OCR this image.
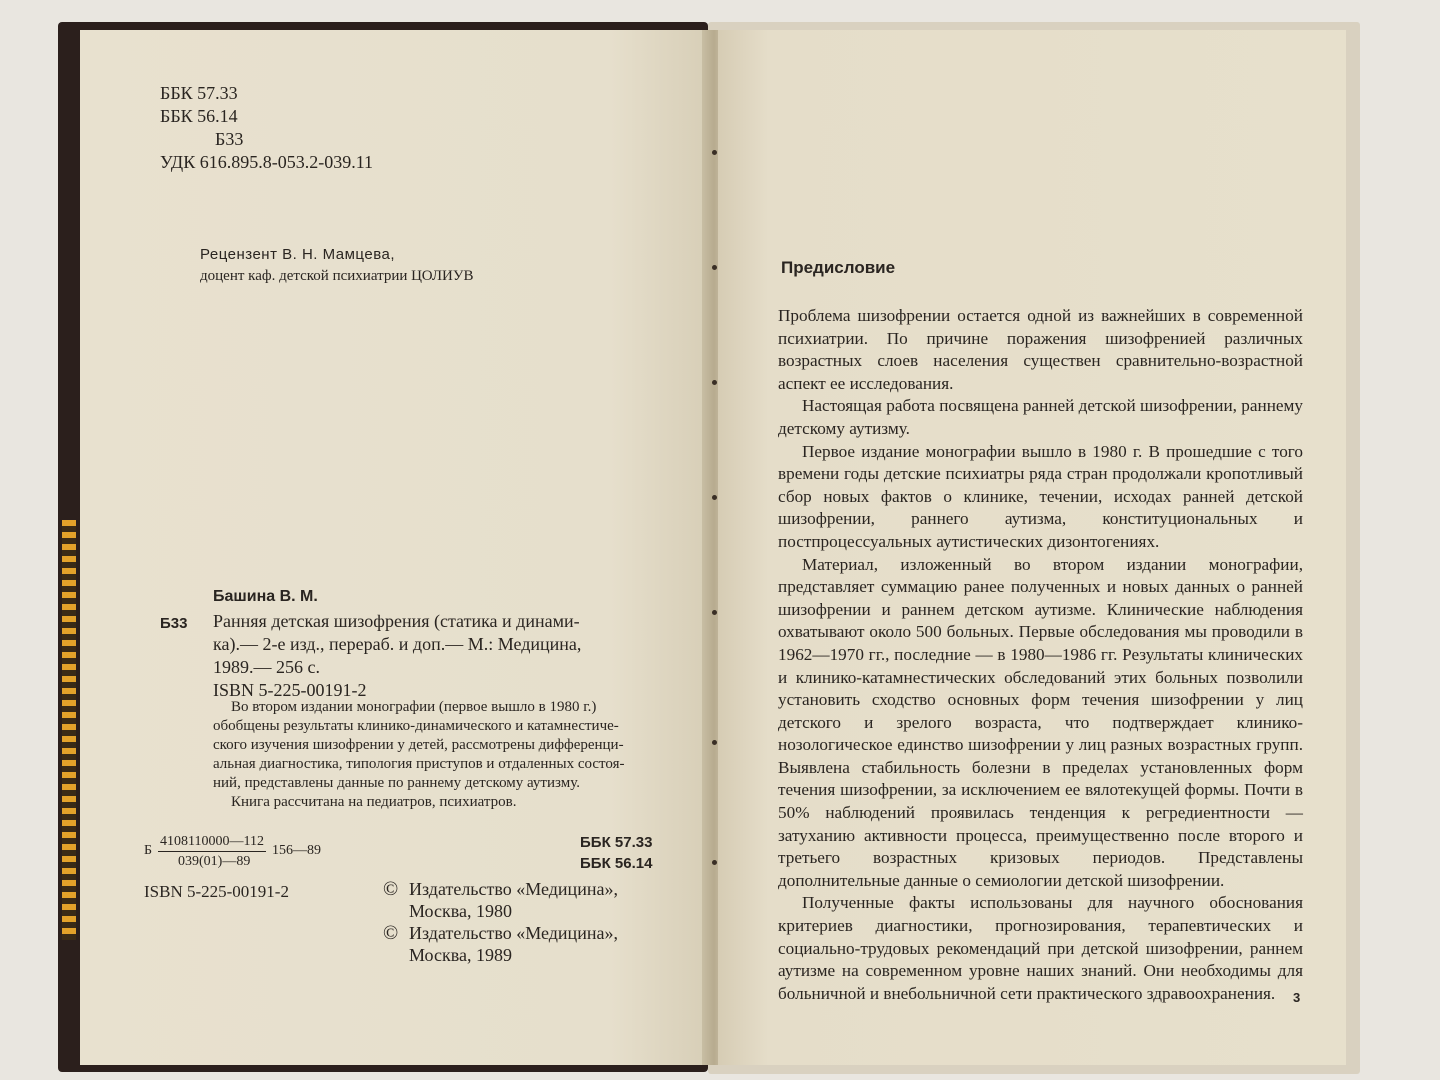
ББК 57.33
ББК 56.14
Б33
УДК 616.895.8-053.2-039.11
Рецензент В. Н. Мамцева,
доцент каф. детской психиатрии ЦОЛИУВ
Башина В. М.
Б33 Ранняя детская шизофрения (статика и динами-
ка).— 2-е изд., перераб. и доп.— М.: Медицина,
1989.— 256 с.
ISBN 5-225-00191-2
Во втором издании монографии (первое вышло в 1980 г.)
обобщены результаты клинико-динамического и катамнестиче-
ского изучения шизофрении у детей, рассмотрены дифференци-
альная диагностика, типология приступов и отдаленных состоя-
ний, представлены данные по раннему детскому аутизму.
Книга рассчитана на педиатров, психиатров.
Б
4108110000—112
039(01)—89
156—89	ББК 57.33
ББК 56.14
ISBN 5-225-00191-2	© Издательство «Медицина»,
Москва, 1980
© Издательство «Медицина»,
Москва, 1989
Предисловие

Проблема шизофрении остается одной из важнейших в современной психиатрии. По причине поражения шизофренией различных возрастных слоев населения существен сравнительно-возрастной аспект ее исследования.

Настоящая работа посвящена ранней детской шизофрении, раннему детскому аутизму.

Первое издание монографии вышло в 1980 г. В прошедшие с того времени годы детские психиатры ряда стран продолжали кропотливый сбор новых фактов о клинике, течении, исходах ранней детской шизофрении, раннего аутизма, конституциональных и постпроцессуальных аутистических дизонтогениях.

Материал, изложенный во втором издании монографии, представляет суммацию ранее полученных и новых данных о ранней шизофрении и раннем детском аутизме. Клинические наблюдения охватывают около 500 больных. Первые обследования мы проводили в 1962—1970 гг., последние — в 1980—1986 гг. Результаты клинических и клинико-катамнестических обследований этих больных позволили установить сходство основных форм течения шизофрении у лиц детского и зрелого возраста, что подтверждает клинико-нозологическое единство шизофрении у лиц разных возрастных групп. Выявлена стабильность болезни в пределах установленных форм течения шизофрении, за исключением ее вялотекущей формы. Почти в 50% наблюдений проявилась тенденция к регредиентности — затуханию активности процесса, преимущественно после второго и третьего возрастных кризовых периодов. Представлены дополнительные данные о семиологии детской шизофрении.

Полученные факты использованы для научного обоснования критериев диагностики, прогнозирования, терапевтических и социально-трудовых рекомендаций при детской шизофрении, раннем аутизме на современном уровне наших знаний. Они необходимы для больничной и внебольничной сети практического здравоохранения.	3
